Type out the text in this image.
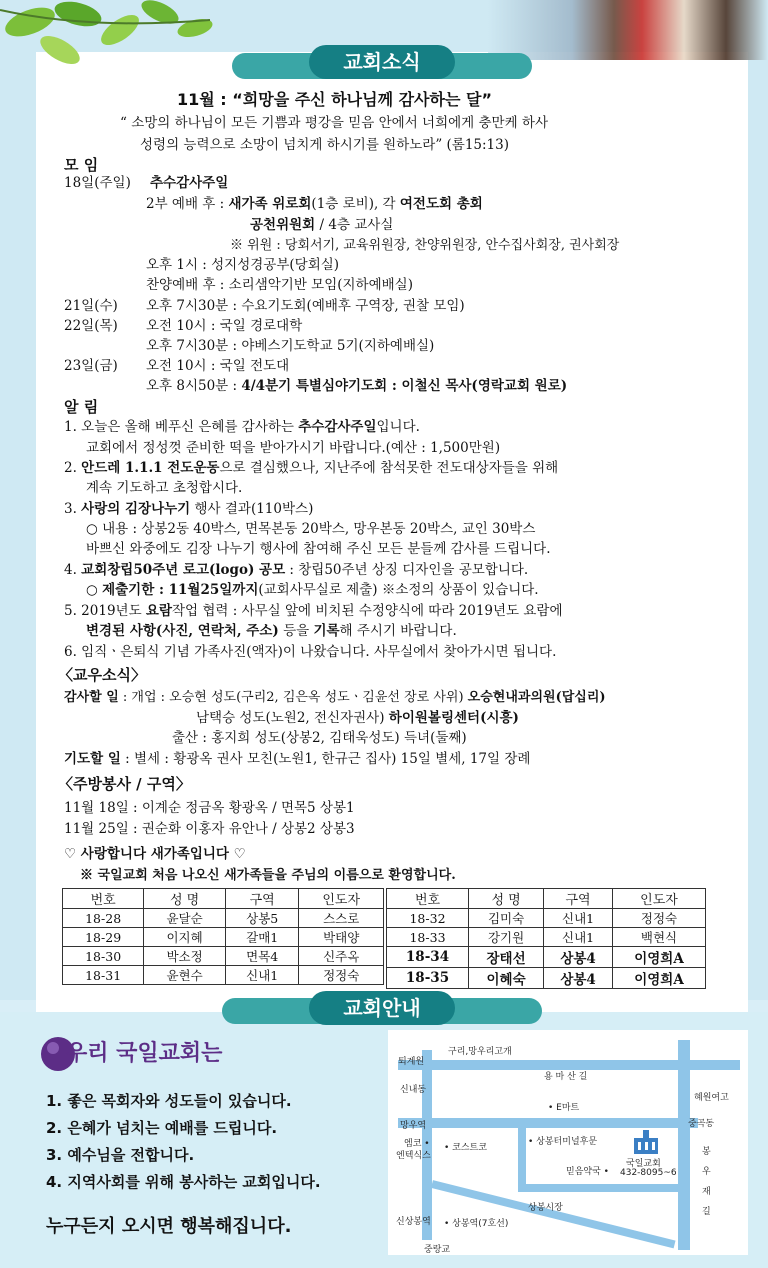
교회소식
11월 : “희망을 주신 하나님께 감사하는 달”
“ 소망의 하나님이 모든 기쁨과 평강을 믿음 안에서 너희에게 충만케 하사
성령의 능력으로 소망이 넘치게 하시기를 원하노라” (롬15:13)
모 임
18일(주일) 추수감사주일
2부 예배 후 : 새가족 위로회(1층 로비), 각 여전도회 총회
공천위원회 / 4층 교사실
※ 위원 : 당회서기, 교육위원장, 찬양위원장, 안수집사회장, 권사회장
오후 1시 : 성지성경공부(당회실)
찬양예배 후 : 소리샘악기반 모임(지하예배실)
21일(수) 오후 7시30분 : 수요기도회(예배후 구역장, 권찰 모임)
22일(목) 오전 10시 : 국일 경로대학
오후 7시30분 : 야베스기도학교 5기(지하예배실)
23일(금) 오전 10시 : 국일 전도대
오후 8시50분 : 4/4분기 특별심야기도회 : 이철신 목사(영락교회 원로)
알 림
1. 오늘은 올해 베푸신 은혜를 감사하는 추수감사주일입니다.
교회에서 정성껏 준비한 떡을 받아가시기 바랍니다.(예산 : 1,500만원)
2. 안드레 1.1.1 전도운동으로 결심했으나, 지난주에 참석못한 전도대상자들을 위해
계속 기도하고 초청합시다.
3. 사랑의 김장나누기 행사 결과(110박스)
○ 내용 : 상봉2동 40박스, 면목본동 20박스, 망우본동 20박스, 교인 30박스
바쁘신 와중에도 김장 나누기 행사에 참여해 주신 모든 분들께 감사를 드립니다.
4. 교회창립50주년 로고(logo) 공모 : 창립50주년 상징 디자인을 공모합니다.
○ 제출기한 : 11월25일까지(교회사무실로 제출) ※소정의 상품이 있습니다.
5. 2019년도 요람작업 협력 : 사무실 앞에 비치된 수정양식에 따라 2019년도 요람에
변경된 사항(사진, 연락처, 주소) 등을 기록해 주시기 바랍니다.
6. 임직ㆍ은퇴식 기념 가족사진(액자)이 나왔습니다. 사무실에서 찾아가시면 됩니다.
〈교우소식〉
감사할 일 : 개업 : 오승현 성도(구리2, 김은옥 성도ㆍ김윤선 장로 사위) 오승현내과의원(답십리)
남택승 성도(노원2, 전신자권사) 하이원볼링센터(시흥)
출산 : 홍지희 성도(상봉2, 김태욱성도) 득녀(둘째)
기도할 일 : 별세 : 황광옥 권사 모친(노원1, 한규근 집사) 15일 별세, 17일 장례
〈주방봉사 / 구역〉
11월 18일 : 이계순 정금옥 황광옥 / 면목5 상봉1
11월 25일 : 권순화 이홍자 유안나 / 상봉2 상봉3
♡ 사랑합니다 새가족입니다 ♡
※ 국일교회 처음 나오신 새가족들을 주님의 이름으로 환영합니다.
번호	성 명	구역	인도자
18-28	윤달순	상봉5	스스로
18-29	이지혜	갈매1	박태양
18-30	박소정	면목4	신주옥
18-31	윤현수	신내1	정정숙
번호	성 명	구역	인도자
18-32	김미숙	신내1	정정숙
18-33	강기원	신내1	백현식
18-34	장태선	상봉4	이영희A
18-35	이혜숙	상봉4	이영희A
교회안내
우리 국일교회는
1. 좋은 목회자와 성도들이 있습니다.
2. 은혜가 넘치는 예배를 드립니다.
3. 예수님을 전합니다.
4. 지역사회를 위해 봉사하는 교회입니다.
누구든지 오시면 행복해집니다.
구리,망우리고개
퇴계원
용 마 산 길
신내동
혜원여고
• E마트
망우역	중곡동
엠코 •
엔텍식스
• 코스트코
• 상봉터미널후문
국일교회
432-8095~6
믿음약국 •
봉
우
재
길
상봉시장
신상봉역 • 상봉역(7호선)
중랑교
